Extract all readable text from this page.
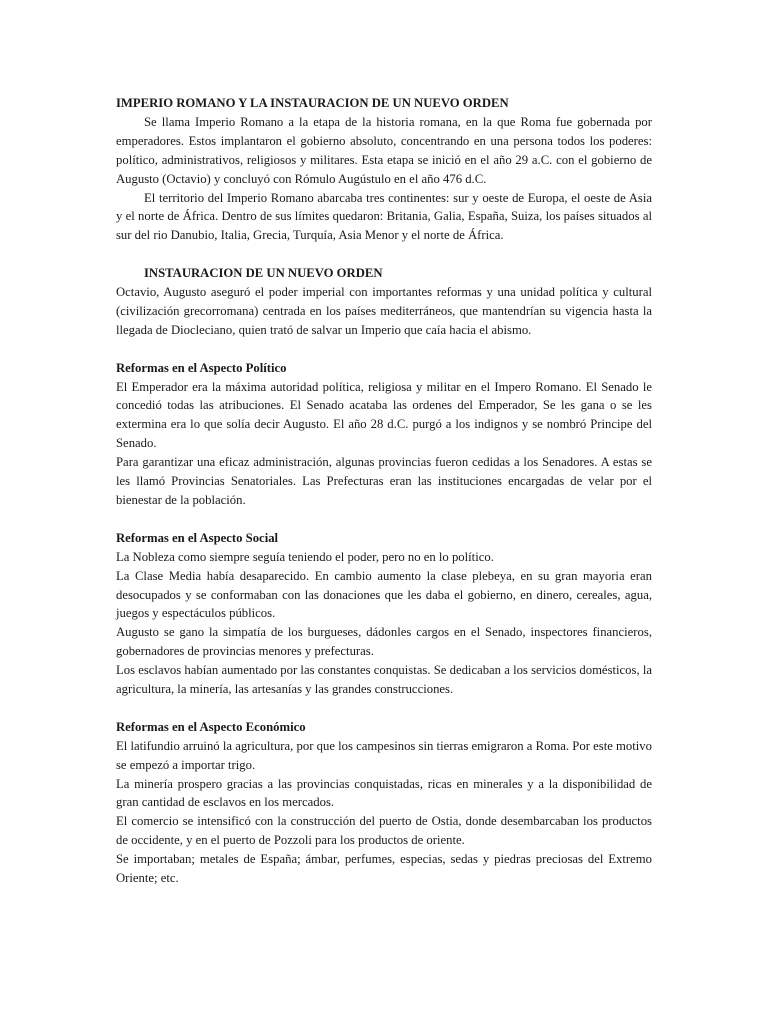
IMPERIO ROMANO Y LA INSTAURACION DE UN NUEVO ORDEN

Se llama Imperio Romano a la etapa de la historia romana, en la que Roma fue gobernada por emperadores. Estos implantaron el gobierno absoluto, concentrando en una persona todos los poderes: político, administrativos, religiosos y militares. Esta etapa se inició en el año 29 a.C. con el gobierno de Augusto (Octavio) y concluyó con Rómulo Augústulo en el año 476 d.C.

El territorio del Imperio Romano abarcaba tres continentes: sur y oeste de Europa, el oeste de Asia y el norte de África. Dentro de sus límites quedaron: Britania, Galia, España, Suiza, los países situados al sur del rio Danubio, Italia, Grecia, Turquía, Asia Menor y el norte de África.

INSTAURACION DE UN NUEVO ORDEN

Octavio, Augusto aseguró el poder imperial con importantes reformas y una unidad política y cultural (civilización grecorromana) centrada en los países mediterráneos, que mantendrían su vigencia hasta la llegada de Diocleciano, quien trató de salvar un Imperio que caía hacia el abismo.

Reformas en el Aspecto Político

El Emperador era la máxima autoridad política, religiosa y militar en el Impero Romano. El Senado le concedió todas las atribuciones. El Senado acataba las ordenes del Emperador, Se les gana o se les extermina era lo que solía decir Augusto. El año 28 d.C. purgó a los indignos y se nombró Principe del Senado.

Para garantizar una eficaz administración, algunas provincias fueron cedidas a los Senadores. A estas se les llamó Provincias Senatoriales. Las Prefecturas eran las instituciones encargadas de velar por el bienestar de la población.

Reformas en el Aspecto Social

La Nobleza como siempre seguía teniendo el poder, pero no en lo político.

La Clase Media había desaparecido. En cambio aumento la clase plebeya, en su gran mayoria eran desocupados y se conformaban con las donaciones que les daba el gobierno, en dinero, cereales, agua, juegos y espectáculos públicos.

Augusto se gano la simpatía de los burgueses, dádonles cargos en el Senado, inspectores financieros, gobernadores de provincias menores y prefecturas.

Los esclavos habían aumentado por las constantes conquistas. Se dedicaban a los servicios domésticos, la agricultura, la minería, las artesanías y las grandes construcciones.

Reformas en el Aspecto Económico

El latifundio arruinó la agricultura, por que los campesinos sin tierras emigraron a Roma. Por este motivo se empezó a importar trigo.

La minería prospero gracias a las provincias conquistadas, ricas en minerales y a la disponibilidad de gran cantidad de esclavos en los mercados.

El comercio se intensificó con la construcción del puerto de Ostia, donde desembarcaban los productos de occidente, y en el puerto de Pozzoli para los productos de oriente.

Se importaban; metales de España; ámbar, perfumes, especias, sedas y piedras preciosas del Extremo Oriente; etc.
